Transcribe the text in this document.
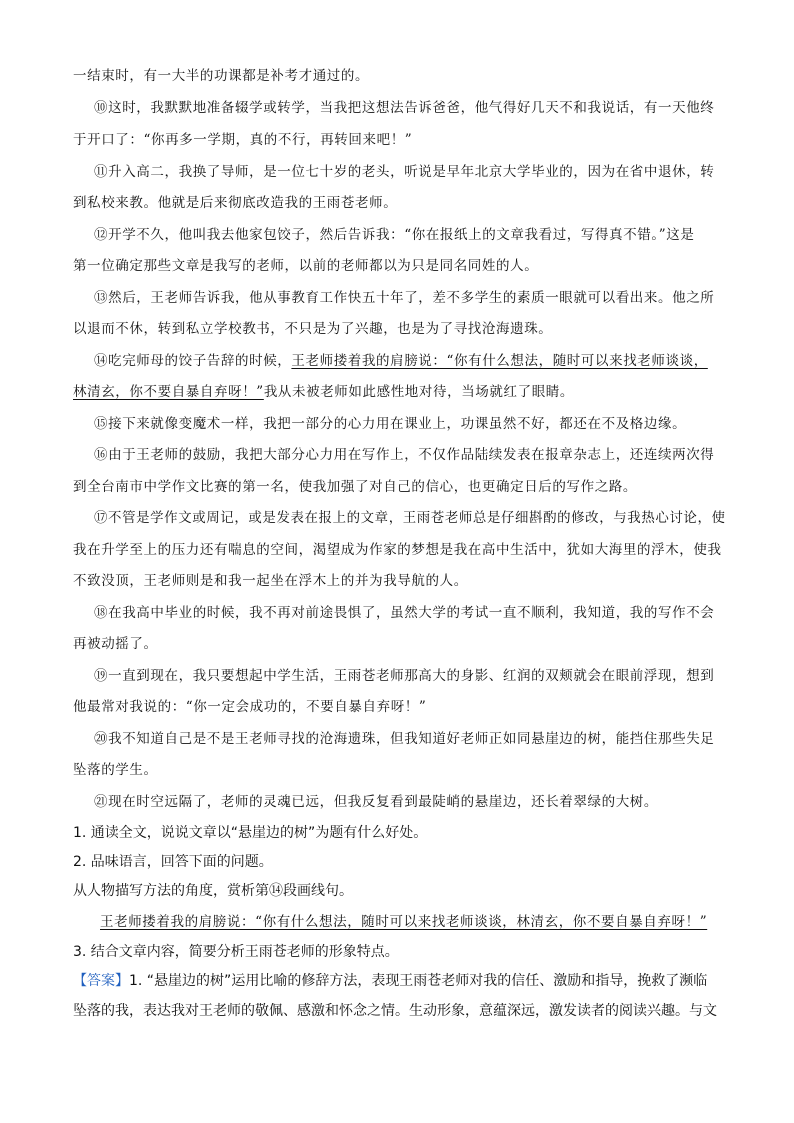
一结束时，有一大半的功课都是补考才通过的。
⑩这时，我默默地准备辍学或转学，当我把这想法告诉爸爸，他气得好几天不和我说话，有一天他终
于开口了：“你再多一学期，真的不行，再转回来吧！”
⑪升入高二，我换了导师，是一位七十岁的老头，听说是早年北京大学毕业的，因为在省中退休，转
到私校来教。他就是后来彻底改造我的王雨苍老师。
⑫开学不久，他叫我去他家包饺子，然后告诉我：“你在报纸上的文章我看过，写得真不错。”这是
第一位确定那些文章是我写的老师，以前的老师都以为只是同名同姓的人。
⑬然后，王老师告诉我，他从事教育工作快五十年了，差不多学生的素质一眼就可以看出来。他之所
以退而不休，转到私立学校教书，不只是为了兴趣，也是为了寻找沧海遗珠。
⑭吃完师母的饺子告辞的时候，王老师搂着我的肩膀说：“你有什么想法，随时可以来找老师谈谈，
林清玄，你不要自暴自弃呀！”我从未被老师如此感性地对待，当场就红了眼睛。
⑮接下来就像变魔术一样，我把一部分的心力用在课业上，功课虽然不好，都还在不及格边缘。
⑯由于王老师的鼓励，我把大部分心力用在写作上，不仅作品陆续发表在报章杂志上，还连续两次得
到全台南市中学作文比赛的第一名，使我加强了对自己的信心，也更确定日后的写作之路。
⑰不管是学作文或周记，或是发表在报上的文章，王雨苍老师总是仔细斟酌的修改，与我热心讨论，使
我在升学至上的压力还有喘息的空间，渴望成为作家的梦想是我在高中生活中，犹如大海里的浮木，使我
不致没顶，王老师则是和我一起坐在浮木上的并为我导航的人。
⑱在我高中毕业的时候，我不再对前途畏惧了，虽然大学的考试一直不顺利，我知道，我的写作不会
再被动摇了。
⑲一直到现在，我只要想起中学生活，王雨苍老师那高大的身影、红润的双颊就会在眼前浮现，想到
他最常对我说的：“你一定会成功的，不要自暴自弃呀！”
⑳我不知道自己是不是王老师寻找的沧海遗珠，但我知道好老师正如同悬崖边的树，能挡住那些失足
坠落的学生。
㉑现在时空远隔了，老师的灵魂已远，但我反复看到最陡峭的悬崖边，还长着翠绿的大树。
1. 通读全文，说说文章以“悬崖边的树”为题有什么好处。
2. 品味语言，回答下面的问题。
从人物描写方法的角度，赏析第⑭段画线句。
王老师搂着我的肩膀说：“你有什么想法，随时可以来找老师谈谈，林清玄，你不要自暴自弃呀！”
3. 结合文章内容，简要分析王雨苍老师的形象特点。
【答案】1. “悬崖边的树”运用比喻的修辞方法，表现王雨苍老师对我的信任、激励和指导，挽救了濒临
坠落的我，表达我对王老师的敬佩、感激和怀念之情。生动形象，意蕴深远，激发读者的阅读兴趣。与文
